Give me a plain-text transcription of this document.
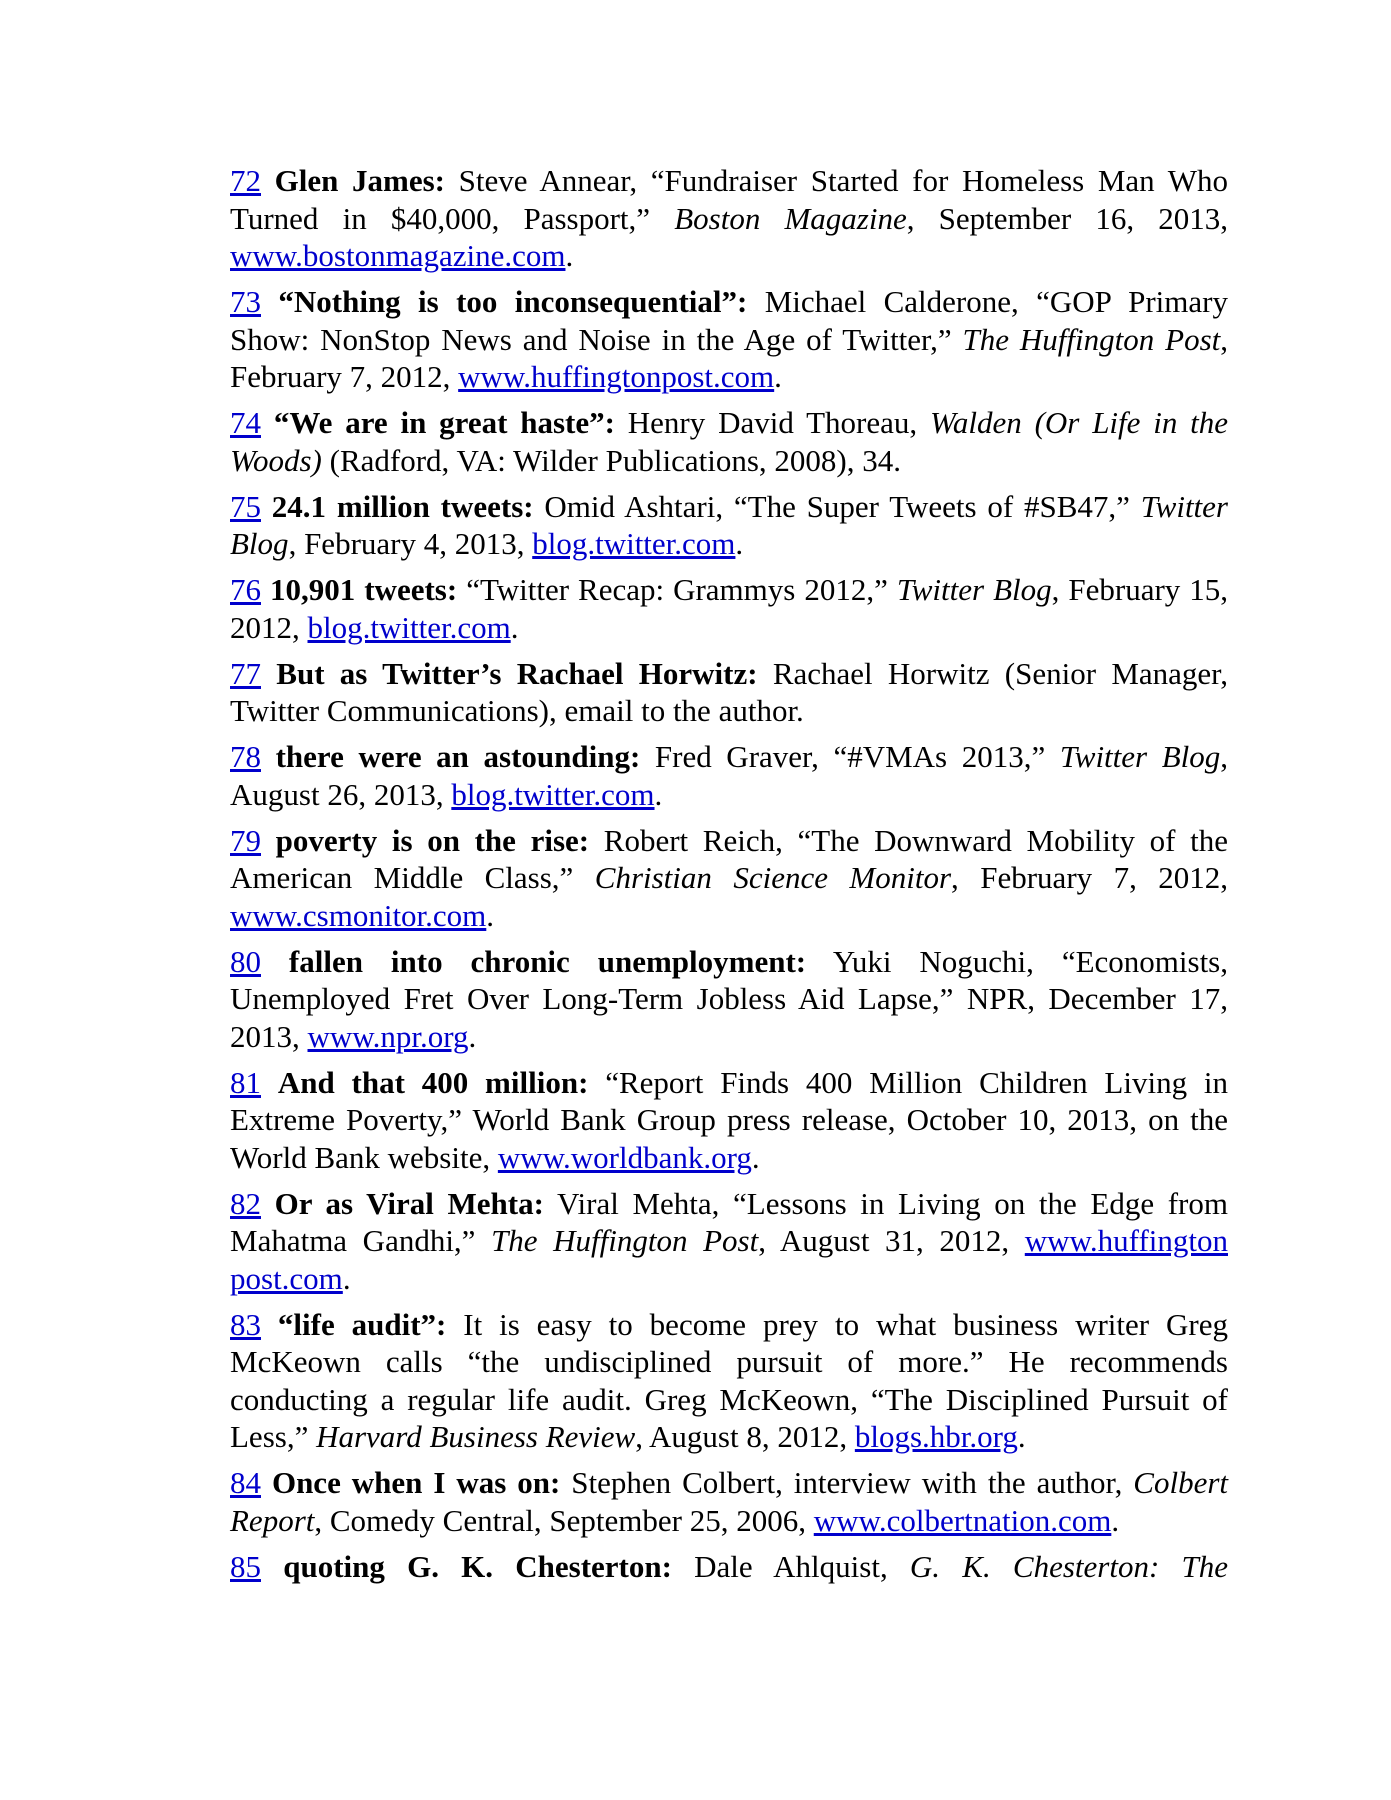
72 Glen James: Steve Annear, “Fundraiser Started for Homeless Man Who Turned in $40,000, Passport,” Boston Magazine, September 16, 2013, www.bostonmagazine.com.

73 “Nothing is too inconsequential”: Michael Calderone, “GOP Primary Show: NonStop News and Noise in the Age of Twitter,” The Huffington Post, February 7, 2012, www.huffingtonpost.com.

74 “We are in great haste”: Henry David Thoreau, Walden (Or Life in the Woods) (Radford, VA: Wilder Publications, 2008), 34.

75 24.1 million tweets: Omid Ashtari, “The Super Tweets of #SB47,” Twitter Blog, February 4, 2013, blog.twitter.com.

76 10,901 tweets: “Twitter Recap: Grammys 2012,” Twitter Blog, February 15, 2012, blog.twitter.com.

77 But as Twitter’s Rachael Horwitz: Rachael Horwitz (Senior Manager, Twitter Communications), email to the author.

78 there were an astounding: Fred Graver, “#VMAs 2013,” Twitter Blog, August 26, 2013, blog.twitter.com.

79 poverty is on the rise: Robert Reich, “The Downward Mobility of the American Middle Class,” Christian Science Monitor, February 7, 2012, www.csmonitor.com.

80 fallen into chronic unemployment: Yuki Noguchi, “Economists, Unemployed Fret Over Long-Term Jobless Aid Lapse,” NPR, December 17, 2013, www.npr.org.

81 And that 400 million: “Report Finds 400 Million Children Living in Extreme Poverty,” World Bank Group press release, October 10, 2013, on the World Bank website, www.worldbank.org.

82 Or as Viral Mehta: Viral Mehta, “Lessons in Living on the Edge from Mahatma Gandhi,” The Huffington Post, August 31, 2012, www.huffington post.com.

83 “life audit”: It is easy to become prey to what business writer Greg McKeown calls “the undisciplined pursuit of more.” He recommends conducting a regular life audit. Greg McKeown, “The Disciplined Pursuit of Less,” Harvard Business Review, August 8, 2012, blogs.hbr.org.

84 Once when I was on: Stephen Colbert, interview with the author, Colbert Report, Comedy Central, September 25, 2006, www.colbertnation.com.

85 quoting G. K. Chesterton: Dale Ahlquist, G. K. Chesterton: The
